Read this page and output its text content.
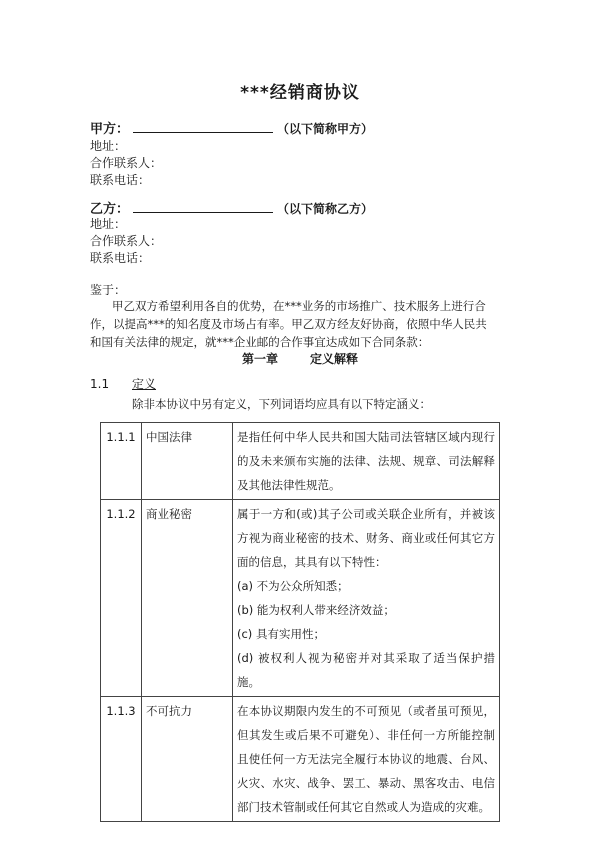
***经销商协议
甲方：	（以下简称甲方）
地址：
合作联系人：
联系电话：
乙方：	（以下简称乙方）
地址：
合作联系人：
联系电话：
鉴于：
甲乙双方希望利用各自的优势，在***业务的市场推广、技术服务上进行合
作，以提高***的知名度及市场占有率。甲乙双方经友好协商，依照中华人民共
和国有关法律的规定，就***企业邮的合作事宜达成如下合同条款：
第一章	定义解释
1.1 定义
除非本协议中另有定义，下列词语均应具有以下特定涵义：
1.1.1	中国法律	是指任何中华人民共和国大陆司法管辖区域内现行的及未来颁布实施的法律、法规、规章、司法解释及其他法律性规范。
1.1.2	商业秘密	属于一方和(或)其子公司或关联企业所有，并被该方视为商业秘密的技术、财务、商业或任何其它方面的信息，其具有以下特性：
(a) 不为公众所知悉；
(b) 能为权利人带来经济效益；
(c) 具有实用性；
(d) 被权利人视为秘密并对其采取了适当保护措施。

1.1.3	不可抗力	在本协议期限内发生的不可预见（或者虽可预见，但其发生或后果不可避免）、非任何一方所能控制且使任何一方无法完全履行本协议的地震、台风、火灾、水灾、战争、罢工、暴动、黑客攻击、电信部门技术管制或任何其它自然或人为造成的灾难。
